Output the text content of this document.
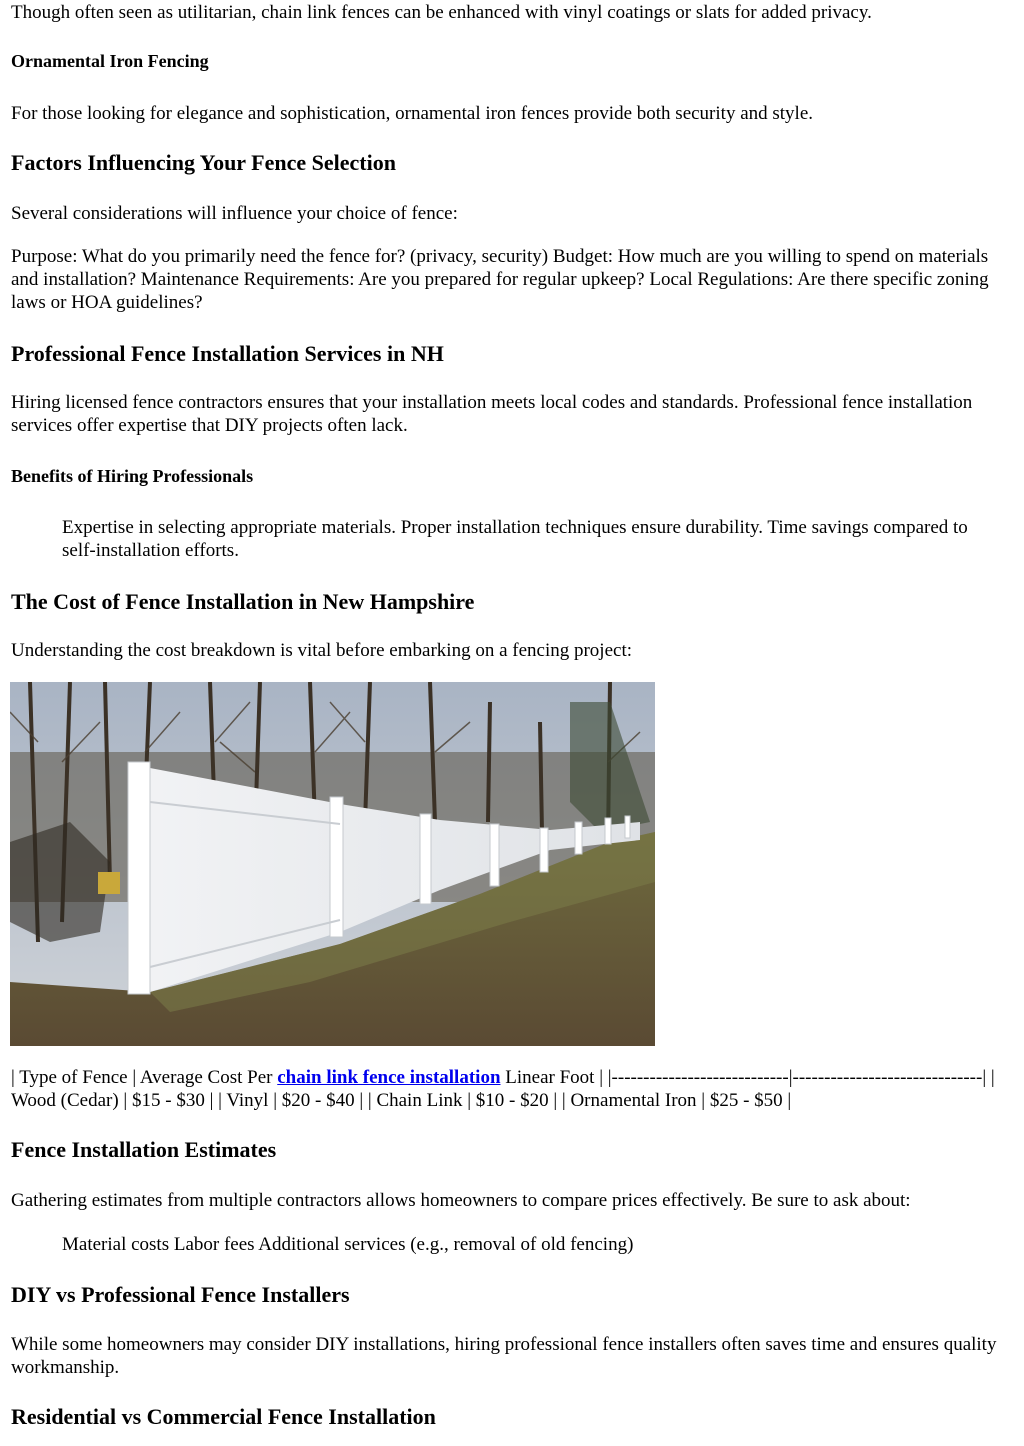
Though often seen as utilitarian, chain link fences can be enhanced with vinyl coatings or slats for added privacy.
Ornamental Iron Fencing
For those looking for elegance and sophistication, ornamental iron fences provide both security and style.
Factors Influencing Your Fence Selection
Several considerations will influence your choice of fence:
Purpose: What do you primarily need the fence for? (privacy, security) Budget: How much are you willing to spend on materials and installation? Maintenance Requirements: Are you prepared for regular upkeep? Local Regulations: Are there specific zoning laws or HOA guidelines?
Professional Fence Installation Services in NH
Hiring licensed fence contractors ensures that your installation meets local codes and standards. Professional fence installation services offer expertise that DIY projects often lack.
Benefits of Hiring Professionals
Expertise in selecting appropriate materials. Proper installation techniques ensure durability. Time savings compared to self-installation efforts.
The Cost of Fence Installation in New Hampshire
Understanding the cost breakdown is vital before embarking on a fencing project:
| Type of Fence | Average Cost Per chain link fence installation Linear Foot | |----------------------------|------------------------------| | Wood (Cedar) | $15 - $30 | | Vinyl | $20 - $40 | | Chain Link | $10 - $20 | | Ornamental Iron | $25 - $50 |
Fence Installation Estimates
Gathering estimates from multiple contractors allows homeowners to compare prices effectively. Be sure to ask about:
Material costs Labor fees Additional services (e.g., removal of old fencing)
DIY vs Professional Fence Installers
While some homeowners may consider DIY installations, hiring professional fence installers often saves time and ensures quality workmanship.
Residential vs Commercial Fence Installation
